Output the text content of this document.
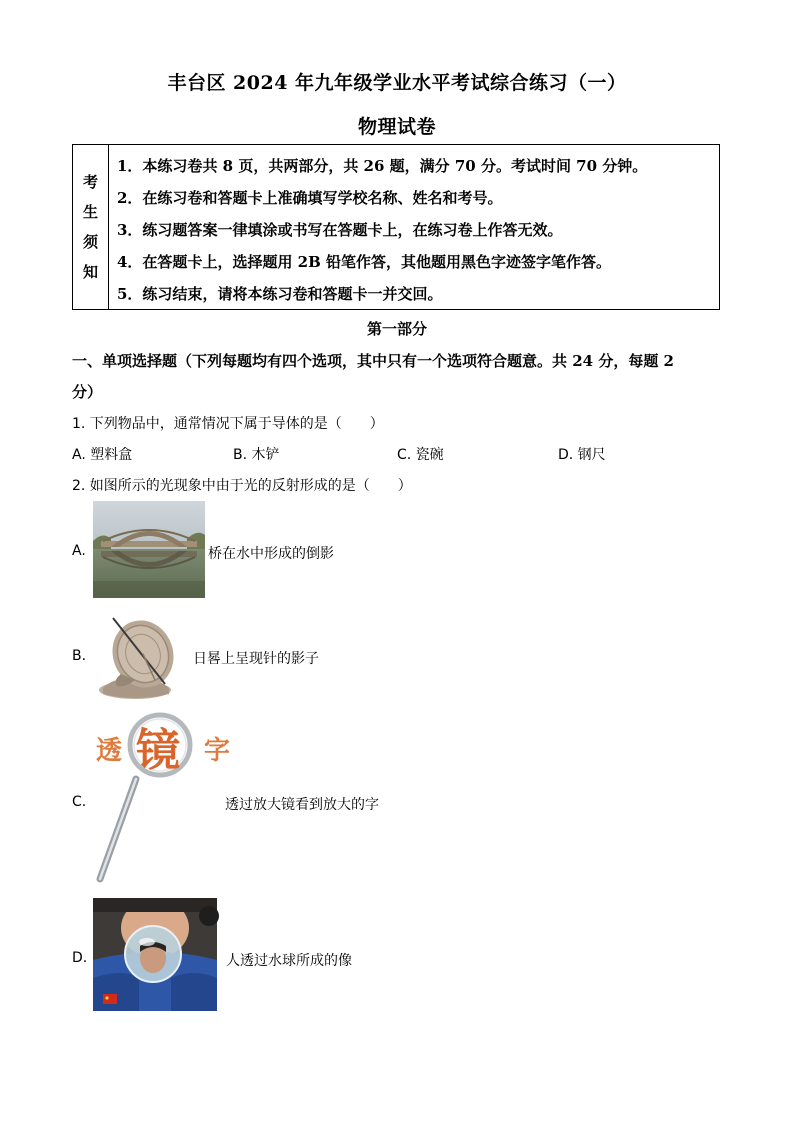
丰台区 2024 年九年级学业水平考试综合练习（一）
物理试卷
考
生
须
知
1．本练习卷共 8 页，共两部分，共 26 题，满分 70 分。考试时间 70 分钟。
2．在练习卷和答题卡上准确填写学校名称、姓名和考号。
3．练习题答案一律填涂或书写在答题卡上，在练习卷上作答无效。
4．在答题卡上，选择题用 2B 铅笔作答，其他题用黑色字迹签字笔作答。
5．练习结束，请将本练习卷和答题卡一并交回。
第一部分
一、单项选择题（下列每题均有四个选项，其中只有一个选项符合题意。共 24 分，每题 2
分）
1. 下列物品中，通常情况下属于导体的是（　　）
A. 塑料盒	B. 木铲	C. 瓷碗	D. 钢尺
2. 如图所示的光现象中由于光的反射形成的是（　　）
A.	桥在水中形成的倒影
B.	日晷上呈现针的影子
C.
透 镜 字
透过放大镜看到放大的字
D.	人透过水球所成的像
